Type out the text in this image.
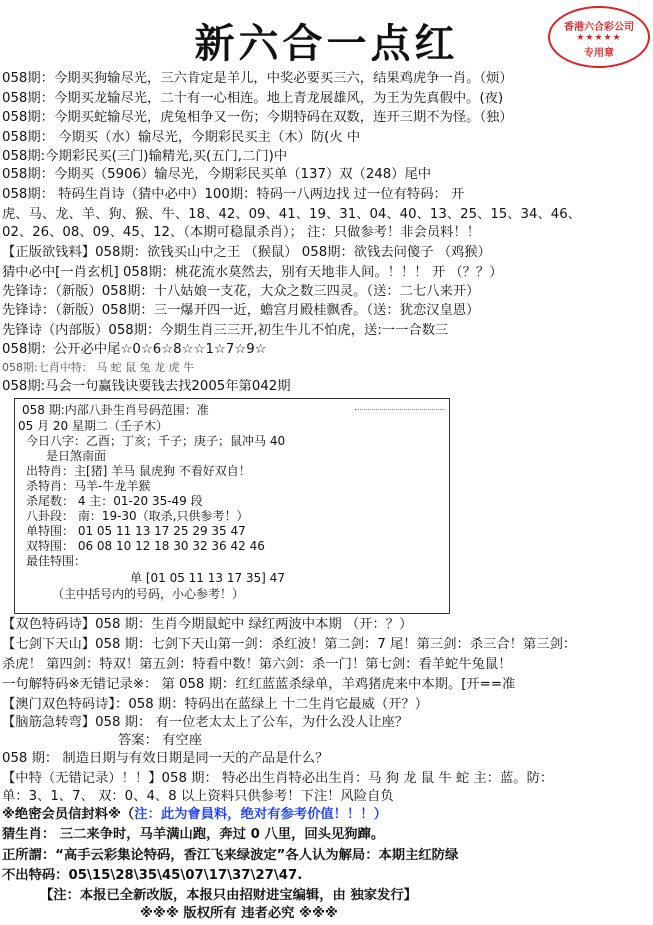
新六合一点红	香港六合彩公司
★★★★★
专用章
058期：今期买狗输尽光，三六肯定是羊儿，中奖必要买三六，结果鸡虎争一肖。（烦）
058期：今期买龙输尽光，二十有一心相连。地上青龙展雄风，为王为先真假中。(夜)
058期：今期买蛇输尽光，虎兔相争又一伤；今期特码在双数，连开三期不为怪。（独）
058期： 今期买（水）输尽光，今期彩民买主（木）防(火 中
058期:今期彩民买(三门)输精光,买(五门,二门)中
058期：今期买（5906）输尽光，今期彩民买单（137）双（248）尾中
058期： 特码生肖诗（猜中必中）100期：特码一八两边找 过一位有特码： 开
虎、马、龙、羊、狗、猴、牛、18、42、09、41、19、31、04、40、13、25、15、34、46、
02、26、08、09、45、12、（本期可稳鼠杀肖）； 注：只做参考！非会员料！！
【正版欲钱料】058期：欲钱买山中之王 （猴鼠） 058期：欲钱去问傻子 （鸡猴）
猜中必中[一肖玄机] 058期：桃花流水莫然去，别有天地非人间。！！！ 开 （？？）
先锋诗：（新版）058期：十八姑娘一支花，大众之数三四灵。（送：二七八来开）
先锋诗：（新版）058期：三一爆开四一近，蟾宫月殿桂飘香。（送：犹恋汉皇恩）
先锋诗（内部版）058期：今期生肖三三开,初生牛儿不怕虎，送:一一合数三
058期：公开必中尾☆0☆6☆8☆☆1☆7☆9☆
058期:七肖中特： 马 蛇 鼠 兔 龙 虎 牛
058期:马会一句赢钱诀要钱去找2005年第042期
058 期:内部八卦生肖号码范围：准
05 月 20 星期二（壬子木）
今日八字：乙酉；丁亥；千子；庚子；鼠冲马 40
是日煞南面
出特肖：主[猪] 羊马 鼠虎狗 不看好双自！
杀特肖：马羊-牛龙羊猴
杀尾数： 4 主：01-20 35-49 段
八卦段： 南：19-30（取杀,只供参考！）
单特围： 01 05 11 13 17 25 29 35 47
双特围： 06 08 10 12 18 30 32 36 42 46
最佳特围：
单 [01 05 11 13 17 35] 47
（主中括号内的号码，小心参考！）
【双色特码诗】058 期：生肖今期鼠蛇中 绿红两波中本期 （开：？）
【七剑下天山】058 期：七剑下天山第一剑：杀红波！第二剑：7 尾！第三剑：杀三合！第三剑：
杀虎！ 第四剑：特双！第五剑：特看中数！第六剑：杀一门！第七剑：看羊蛇牛兔鼠！
一句解特码※无错记录※： 第 058 期：红红蓝蓝杀绿单，羊鸡猪虎来中本期。[开==准
【澳门双色特码诗】：058 期：特码出在蓝绿上 十二生肖它最威（开？）
【脑筋急转弯】058 期： 有一位老太太上了公车，为什么没人让座？
答案： 有空座
058 期： 制造日期与有效日期是同一天的产品是什么？
【中特（无错记录）！！】058 期： 特必出生肖特必出生肖：马 狗 龙 鼠 牛 蛇 主：蓝。防：
单：3、1、7、 双：0、4、8 以上资料只供参考！下注！风险自负
※绝密会员信封料※（注：此为會員料，绝对有参考价值！！！）
猜生肖： 三二来争时，马羊满山跑，奔过 0 八里，回头见狗蹿。
正所謂：“高手云彩集论特码，香江飞来绿波定”各人认为解局：本期主红防绿
不出特码：05\15\28\35\45\07\17\37\27\47.
【注：本报已全新改版，本报只由招财进宝编辑，由 独家发行】
※※※ 版权所有 违者必究 ※※※
